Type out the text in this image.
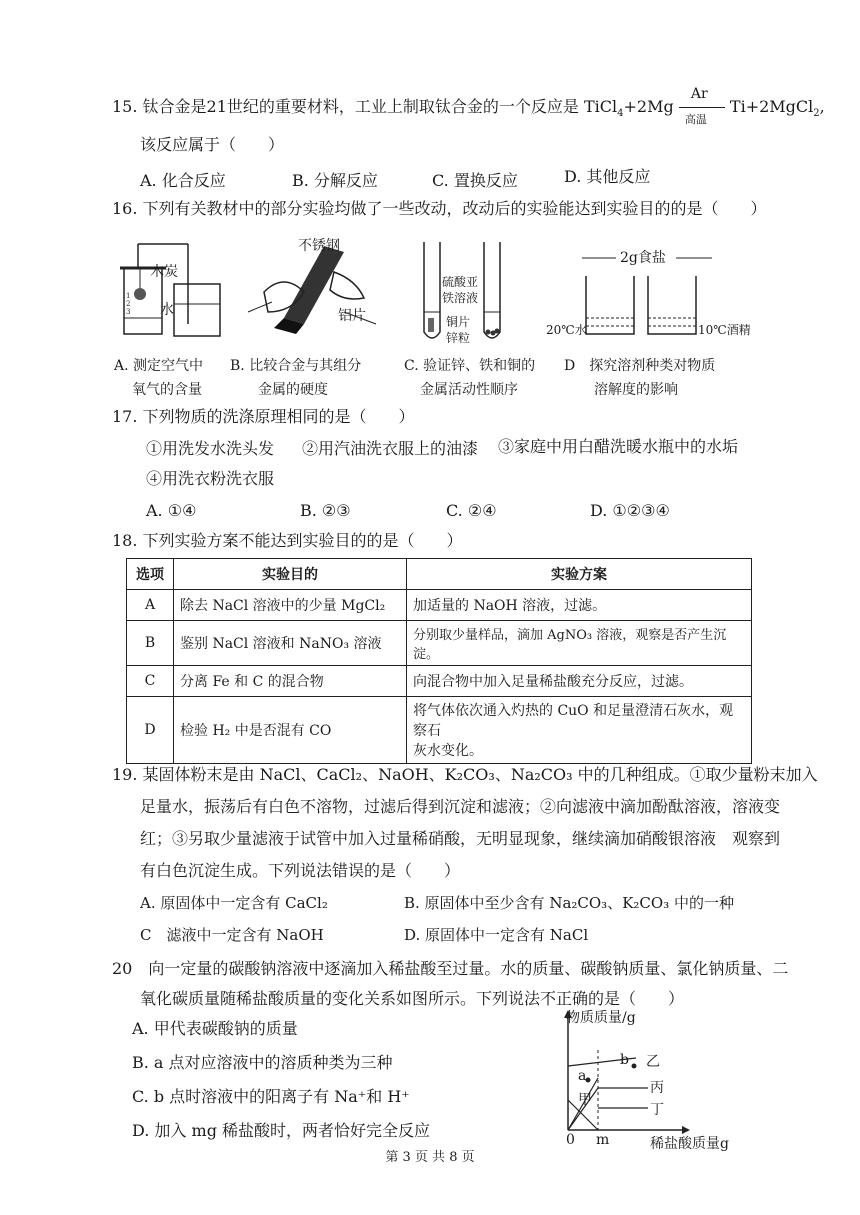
15. 钛合金是21世纪的重要材料，工业上制取钛合金的一个反应是 TiCl$_4$+2Mg
Ar
高温
Ti+2MgCl$_2$,
该反应属于（　　）
A. 化合反应	B. 分解反应	C. 置换反应	D. 其他反应
16. 下列有关教材中的部分实验均做了一些改动，改动后的实验能达到实验目的的是（　　）
1
2
3
木炭
水
不锈钢
铝片
硫酸亚
铁溶液
铜片
锌粒
2g食盐
20℃水	10℃酒精
A. 测定空气中
氧气的含量
B. 比较合金与其组分
金属的硬度
C. 验证锌、铁和铜的
金属活动性顺序
D　探究溶剂种类对物质
溶解度的影响
17. 下列物质的洗涤原理相同的是（　　）
①用洗发水洗头发 ②用汽油洗衣服上的油漆 ③家庭中用白醋洗暖水瓶中的水垢
④用洗衣粉洗衣服
A. ①④	B. ②③	C. ②④	D. ①②③④
18. 下列实验方案不能达到实验目的的是（　　）
选项	实验目的	实验方案
A	除去 NaCl 溶液中的少量 MgCl₂	加适量的 NaOH 溶液，过滤。
B	鉴别 NaCl 溶液和 NaNO₃ 溶液	分别取少量样品，滴加 AgNO₃ 溶液，观察是否产生沉淀。
C	分离 Fe 和 C 的混合物	向混合物中加入足量稀盐酸充分反应，过滤。
D	检验 H₂ 中是否混有 CO	将气体依次通入灼热的 CuO 和足量澄清石灰水，观察石
灰水变化。
19. 某固体粉末是由 NaCl、CaCl₂、NaOH、K₂CO₃、Na₂CO₃ 中的几种组成。①取少量粉末加入
足量水，振荡后有白色不溶物，过滤后得到沉淀和滤液；②向滤液中滴加酚酞溶液，溶液变
红；③另取少量滤液于试管中加入过量稀硝酸，无明显现象，继续滴加硝酸银溶液　观察到
有白色沉淀生成。下列说法错误的是（　　）
A. 原固体中一定含有 CaCl₂	B. 原固体中至少含有 Na₂CO₃、K₂CO₃ 中的一种
C　滤液中一定含有 NaOH	D. 原固体中一定含有 NaCl
20　向一定量的碳酸钠溶液中逐滴加入稀盐酸至过量。水的质量、碳酸钠质量、氯化钠质量、二
氧化碳质量随稀盐酸质量的变化关系如图所示。下列说法不正确的是（　　）
A. 甲代表碳酸钠的质量
B. a 点对应溶液中的溶质种类为三种
C. b 点时溶液中的阳离子有 Na⁺和 H⁺
D. 加入 mg 稀盐酸时，两者恰好完全反应
物质质量/g
b 乙
a
丙
甲
丁
0 m	稀盐酸质量g
第 3 页 共 8 页
